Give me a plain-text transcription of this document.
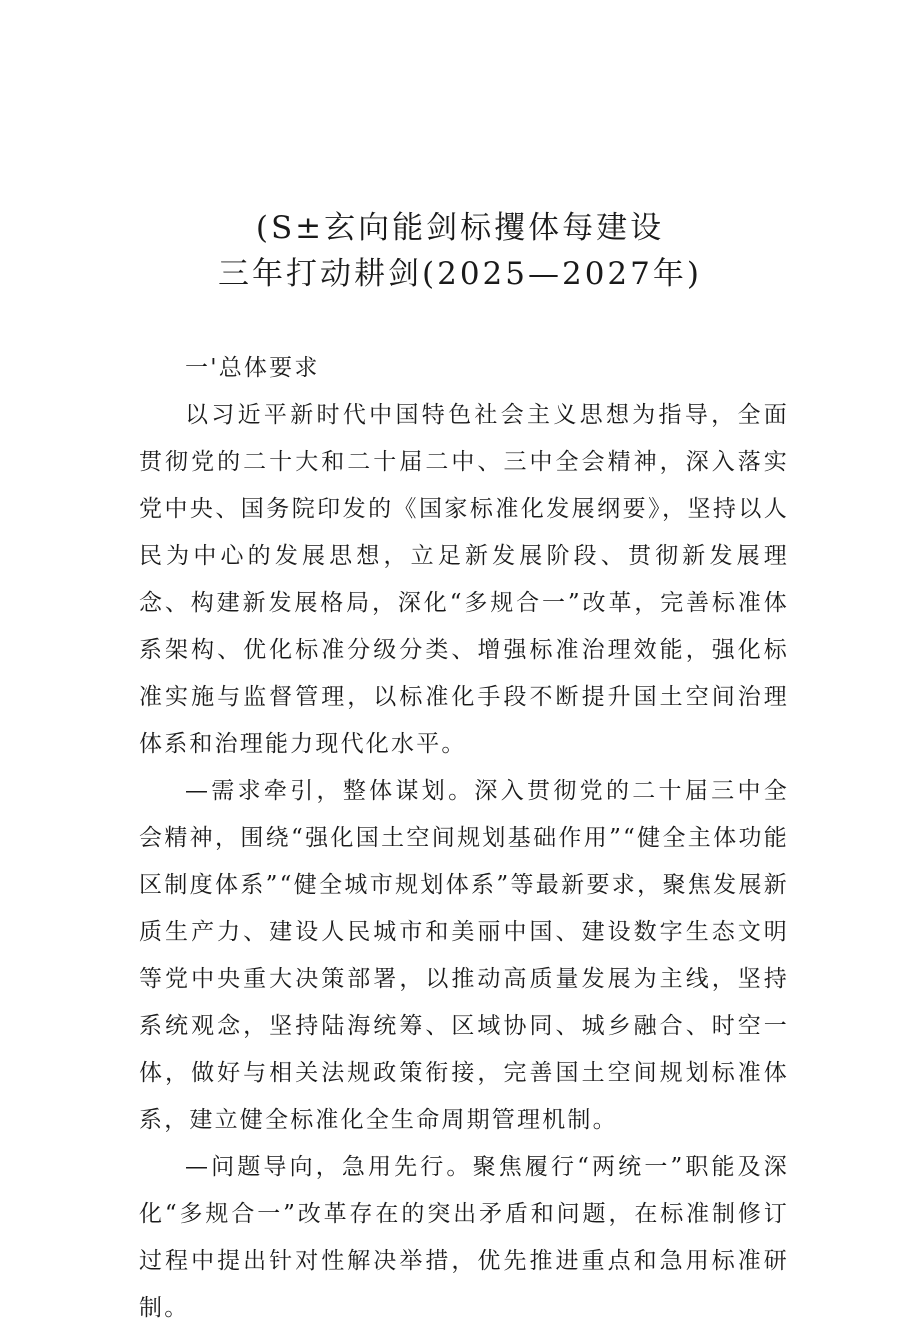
(S±玄向能剑标攫体每建设
三年打动耕剑(2025—2027年)

一'总体要求

以习近平新时代中国特色社会主义思想为指导，全面贯彻党的二十大和二十届二中、三中全会精神，深入落实党中央、国务院印发的《国家标准化发展纲要》，坚持以人民为中心的发展思想，立足新发展阶段、贯彻新发展理念、构建新发展格局，深化“多规合一”改革，完善标准体系架构、优化标准分级分类、增强标准治理效能，强化标准实施与监督管理，以标准化手段不断提升国土空间治理体系和治理能力现代化水平。

—需求牵引，整体谋划。深入贯彻党的二十届三中全会精神，围绕“强化国土空间规划基础作用”“健全主体功能区制度体系”“健全城市规划体系”等最新要求，聚焦发展新质生产力、建设人民城市和美丽中国、建设数字生态文明等党中央重大决策部署，以推动高质量发展为主线，坚持系统观念，坚持陆海统筹、区域协同、城乡融合、时空一体，做好与相关法规政策衔接，完善国土空间规划标准体系，建立健全标准化全生命周期管理机制。

—问题导向，急用先行。聚焦履行“两统一”职能及深化“多规合一”改革存在的突出矛盾和问题，在标准制修订过程中提出针对性解决举措，优先推进重点和急用标准研制。
